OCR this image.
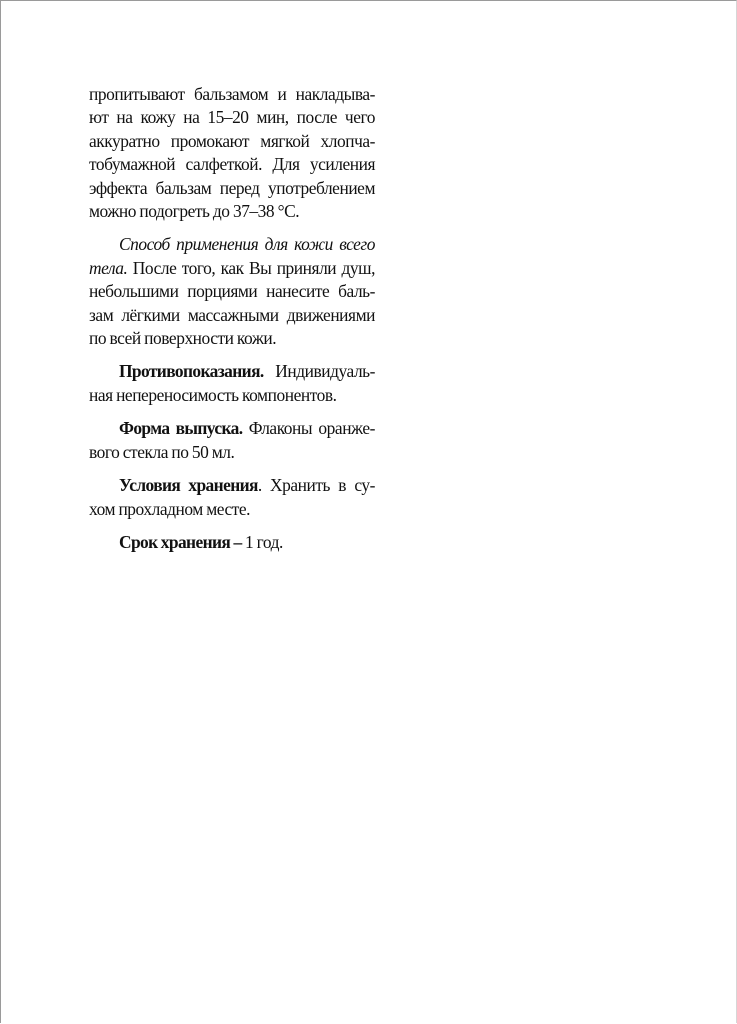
пропитывают бальзамом и накладыва-
ют на кожу на 15–20 мин, после чего
аккуратно промокают мягкой хлопча-
тобумажной салфеткой. Для усиления
эффекта бальзам перед употреблением
можно подогреть до 37–38 °С.

Способ применения для кожи всего
тела. После того, как Вы приняли душ,
небольшими порциями нанесите баль-
зам лёгкими массажными движениями
по всей поверхности кожи.

Противопоказания. Индивидуаль-
ная непереносимость компонентов.

Форма выпуска. Флаконы оранже-
вого стекла по 50 мл.

Условия хранения. Хранить в су-
хом прохладном месте.

Срок хранения – 1 год.
